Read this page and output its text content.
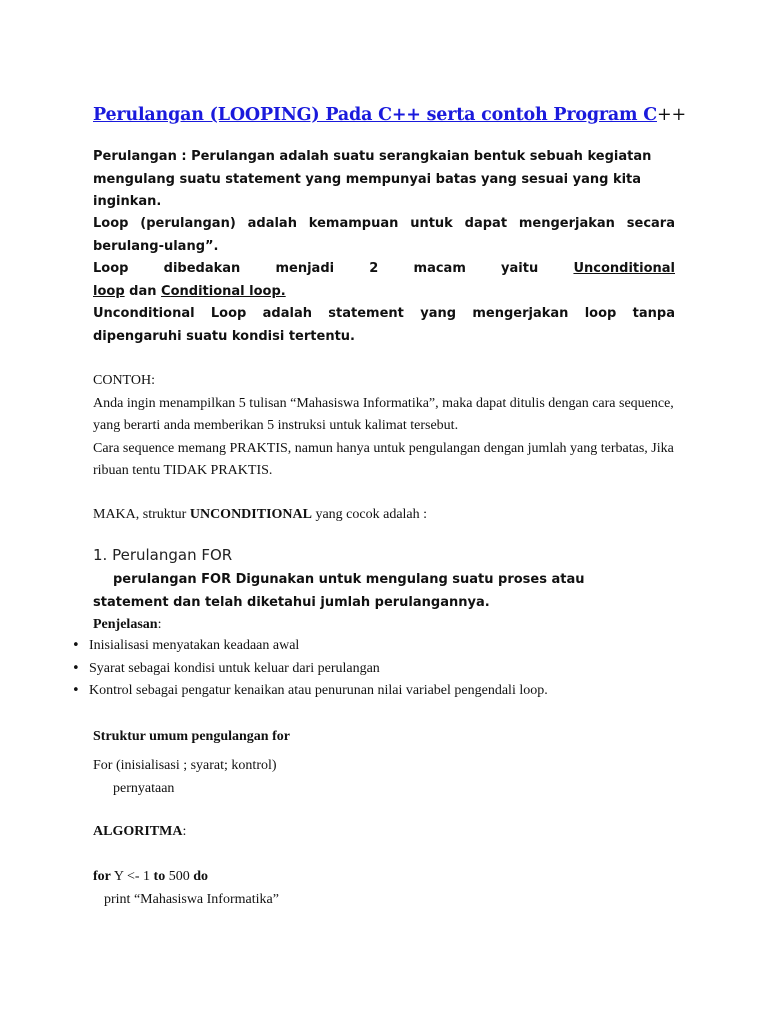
Perulangan (LOOPING) Pada C++ serta contoh Program C++
Perulangan : Perulangan adalah suatu serangkaian bentuk sebuah kegiatan mengulang suatu statement yang mempunyai batas yang sesuai yang kita inginkan.
Loop (perulangan) adalah kemampuan untuk dapat mengerjakan secara berulang-ulang”.
Loop dibedakan menjadi 2 macam yaitu	Unconditional
loop dan Conditional loop.
Unconditional Loop adalah statement yang mengerjakan loop tanpa dipengaruhi suatu kondisi tertentu.
CONTOH:
Anda ingin menampilkan 5 tulisan “Mahasiswa Informatika”, maka dapat ditulis dengan cara sequence, yang berarti anda memberikan 5 instruksi untuk kalimat tersebut.
Cara sequence memang PRAKTIS, namun hanya untuk pengulangan dengan jumlah yang terbatas, Jika ribuan tentu TIDAK PRAKTIS.
MAKA, struktur UNCONDITIONAL yang cocok adalah :
1. Perulangan FOR
perulangan FOR Digunakan untuk mengulang suatu proses atau
statement dan telah diketahui jumlah perulangannya.
Penjelasan:
• Inisialisasi menyatakan keadaan awal
• Syarat sebagai kondisi untuk keluar dari perulangan
• Kontrol sebagai pengatur kenaikan atau penurunan nilai variabel pengendali loop.
Struktur umum pengulangan for
For (inisialisasi ; syarat; kontrol)
pernyataan
ALGORITMA:
for Y <- 1 to 500 do
print “Mahasiswa Informatika”
